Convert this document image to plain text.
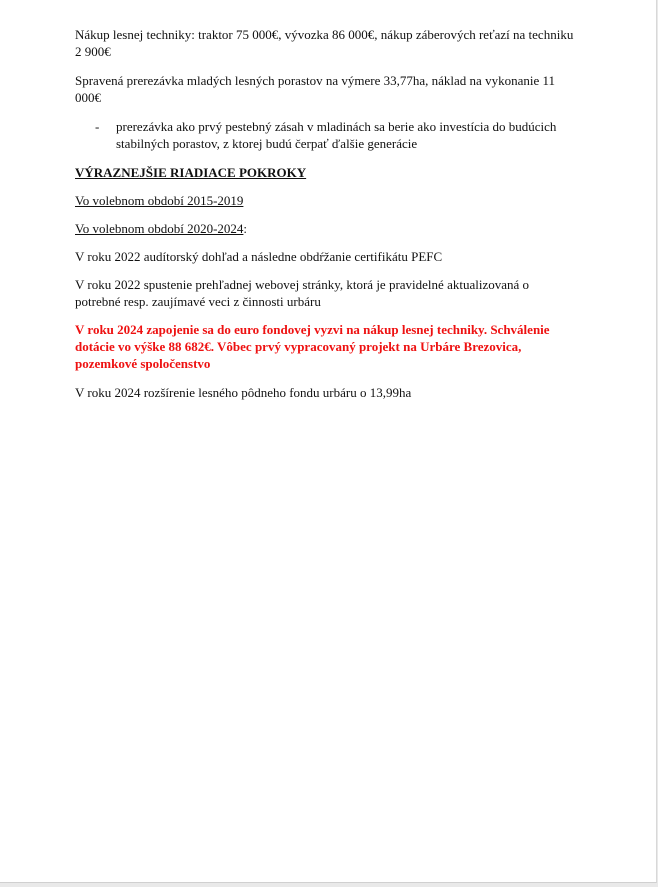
Nákup lesnej techniky: traktor 75 000€, vývozka 86 000€, nákup záberových reťazí na techniku 2 900€

Spravená prerezávka mladých lesných porastov na výmere 33,77ha, náklad na vykonanie 11 000€

- prerezávka ako prvý pestebný zásah v mladinách sa berie ako investícia do budúcich stabilných porastov, z ktorej budú čerpať ďalšie generácie

VÝRAZNEJŠIE RIADIACE POKROKY

Vo volebnom období 2015-2019

Vo volebnom období 2020-2024:

V roku 2022 audítorský dohľad a následne obdŕžanie certifikátu PEFC

V roku 2022 spustenie prehľadnej webovej stránky, ktorá je pravidelné aktualizovaná o potrebné resp. zaujímavé veci z činnosti urbáru

V roku 2024 zapojenie sa do euro fondovej vyzvi na nákup lesnej techniky. Schválenie dotácie vo výške 88 682€. Vôbec prvý vypracovaný projekt na Urbáre Brezovica, pozemkové spoločenstvo

V roku 2024 rozšírenie lesného pôdneho fondu urbáru o 13,99ha
